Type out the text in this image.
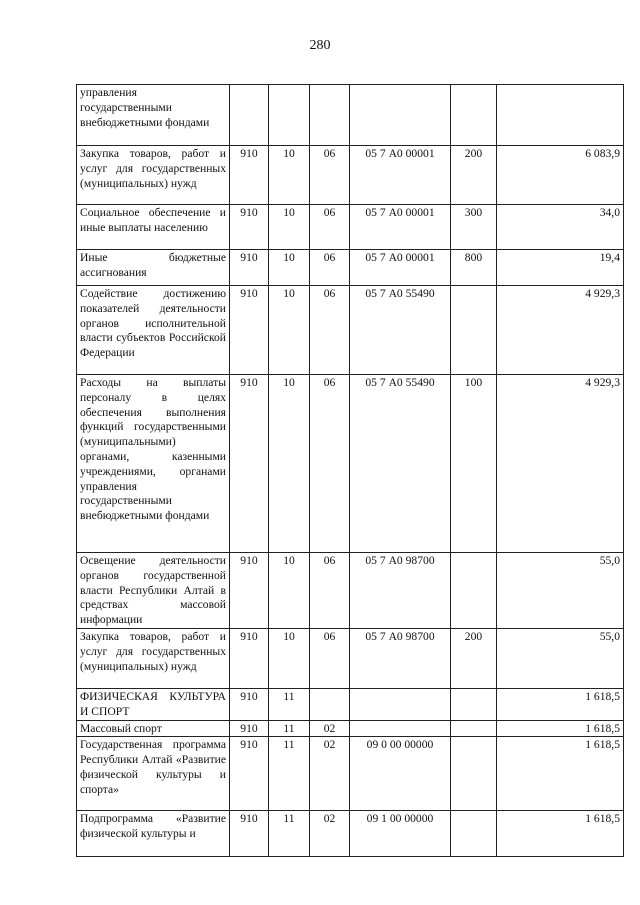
280
управления государственными внебюджетными фондами						
Закупка товаров, работ и услуг для государственных (муниципальных) нужд	910	10	06	05 7 А0 00001	200	6 083,9
Социальное обеспечение и иные выплаты населению	910	10	06	05 7 А0 00001	300	34,0
Иные бюджетные ассигнования	910	10	06	05 7 А0 00001	800	19,4
Содействие достижению показателей деятельности органов исполнительной власти субъектов Российской Федерации	910	10	06	05 7 А0 55490		4 929,3
Расходы на выплаты персоналу в целях обеспечения выполнения функций государственными (муниципальными) органами, казенными учреждениями, органами управления государственными внебюджетными фондами	910	10	06	05 7 А0 55490	100	4 929,3
Освещение деятельности органов государственной власти Республики Алтай в средствах массовой информации	910	10	06	05 7 А0 98700		55,0
Закупка товаров, работ и услуг для государственных (муниципальных) нужд	910	10	06	05 7 А0 98700	200	55,0
ФИЗИЧЕСКАЯ КУЛЬТУРА И СПОРТ	910	11				1 618,5
Массовый спорт	910	11	02			1 618,5
Государственная программа Республики Алтай «Развитие физической культуры и спорта»	910	11	02	09 0 00 00000		1 618,5
Подпрограмма «Развитие физической культуры и	910	11	02	09 1 00 00000		1 618,5
